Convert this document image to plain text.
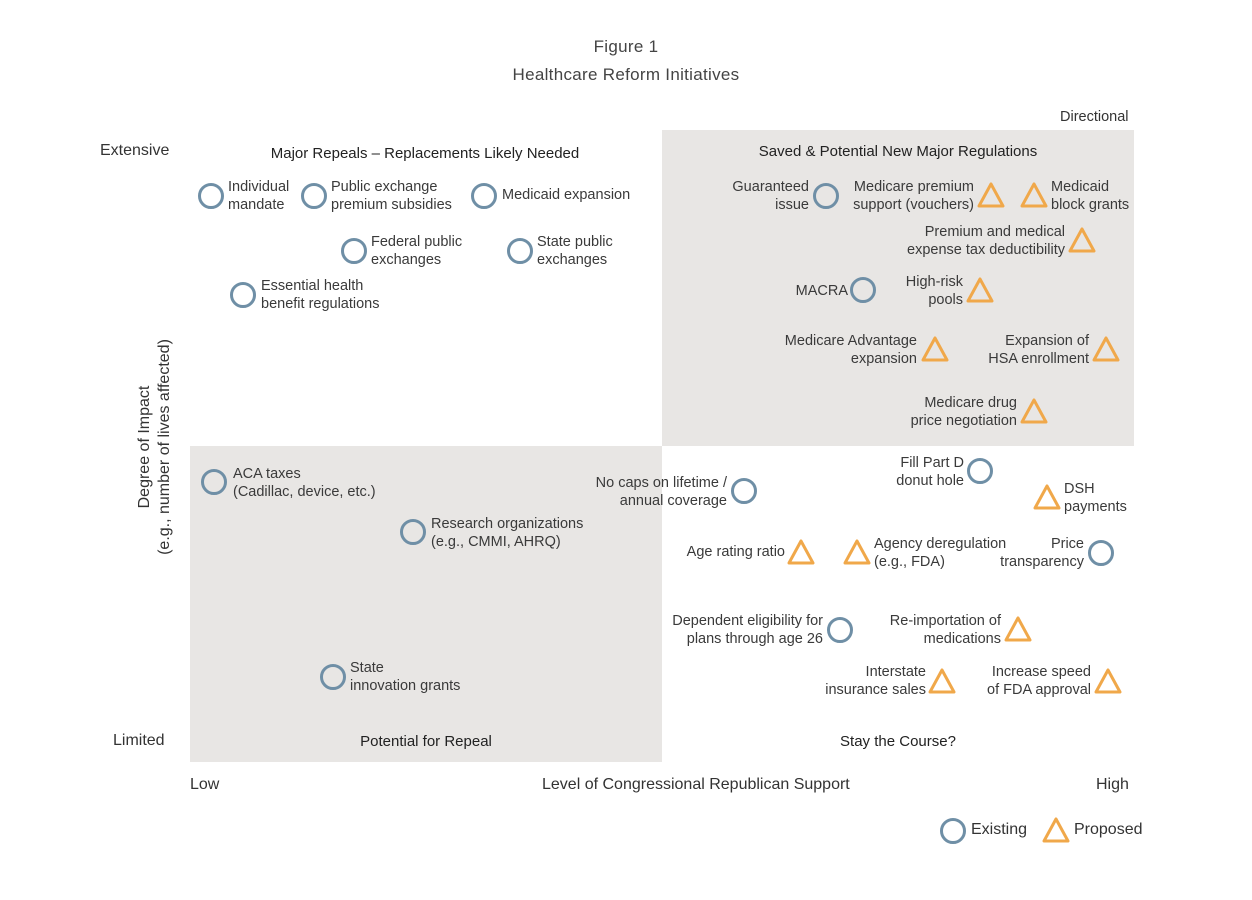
Figure 1
Healthcare Reform Initiatives
Directional
Major Repeals – Replacements Likely Needed	Saved & Potential New Major Regulations
Potential for Repeal	Stay the Course?
Extensive
Limited
Low	Level of Congressional Republican Support	High
Degree of Impact (e.g., number of lives affected)
Individual
mandate
Public exchange
premium subsidies
Medicaid expansion
Federal public
exchanges
State public
exchanges
Essential health
benefit regulations
Guaranteed
issue
Medicare premium
support (vouchers)
Medicaid
block grants
Premium and medical
expense tax deductibility
MACRA
High-risk
pools
Medicare Advantage
expansion
Expansion of
HSA enrollment
Medicare drug
price negotiation
ACA taxes
(Cadillac, device, etc.)
Research organizations
(e.g., CMMI, AHRQ)
State
innovation grants
No caps on lifetime /
annual coverage
Fill Part D
donut hole	DSH
payments
Age rating ratio	Agency deregulation
(e.g., FDA)
Price
transparency
Dependent eligibility for
plans through age 26
Re-importation of
medications
Interstate
insurance sales
Increase speed
of FDA approval
Existing	Proposed
